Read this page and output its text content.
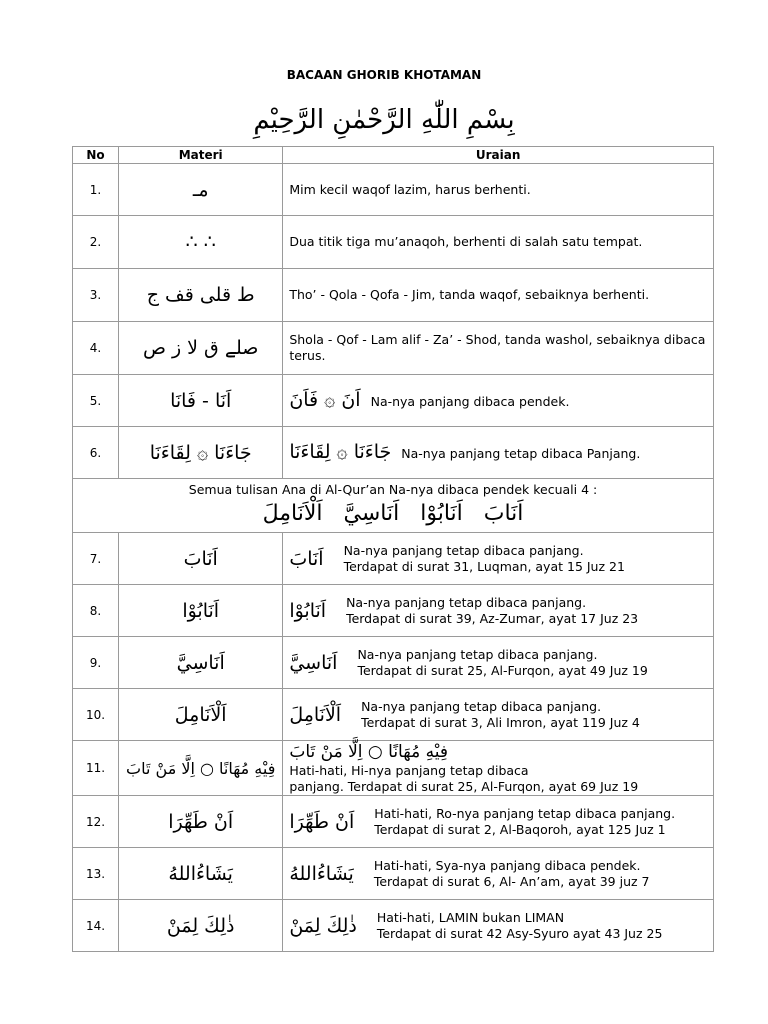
BACAAN GHORIB KHOTAMAN
بِسْمِ اللّٰهِ الرَّحْمٰنِ الرَّحِيْمِ
No	Materi	Uraian
1.	مـ	Mim kecil waqof lazim, harus berhenti.
2.	∴ ∴	Dua titik tiga mu’anaqoh, berhenti di salah satu tempat.
3.	ط قلى قف ج	Tho’ - Qola - Qofa - Jim, tanda waqof, sebaiknya berhenti.
4.	صلے ق لا ز ص	Shola - Qof - Lam alif - Za’ - Shod, tanda washol, sebaiknya dibaca terus.
5.	اَنَا - فَانَا	اَنَ ۞ فَاَنَ Na-nya panjang dibaca pendek.
6.	جَاءَنَا ۞ لِقَاءَنَا	جَاءَنَا ۞ لِقَاءَنَا Na-nya panjang tetap dibaca Panjang.

Semua tulisan Ana di Al-Qur’an Na-nya dibaca pendek kecuali 4 :
اَنَابَ اَنَابُوْا اَنَاسِيَّ اَلْاَنَامِلَ		

7.	اَنَابَ	اَنَابَ Na-nya panjang tetap dibaca panjang.
Terdapat di surat 31, Luqman, ayat 15 Juz 21

8.	اَنَابُوْا	اَنَابُوْا Na-nya panjang tetap dibaca panjang.
Terdapat di surat 39, Az-Zumar, ayat 17 Juz 23

9.	اَنَاسِيَّ	اَنَاسِيَّ Na-nya panjang tetap dibaca panjang.
Terdapat di surat 25, Al-Furqon, ayat 49 Juz 19

10.	اَلْاَنَامِلَ	اَلْاَنَامِلَ Na-nya panjang tetap dibaca panjang.
Terdapat di surat 3, Ali Imron, ayat 119 Juz 4

11.	فِيْهِ مُهَانًا ○ اِلَّا مَنْ تَابَ	فِيْهِ مُهَانًا ○ اِلَّا مَنْ تَابَ
Hati-hati, Hi-nya panjang tetap dibaca
panjang. Terdapat di surat 25, Al-Furqon, ayat 69 Juz 19
12.	اَنْ طَهِّرَا	اَنْ طَهِّرَا Hati-hati, Ro-nya panjang tetap dibaca panjang.
Terdapat di surat 2, Al-Baqoroh, ayat 125 Juz 1

13.	يَشَاءُاللهُ	يَشَاءُاللهُ Hati-hati, Sya-nya panjang dibaca pendek.
Terdapat di surat 6, Al- An’am, ayat 39 juz 7

14.	ذٰلِكَ لِمَنْ	ذٰلِكَ لِمَنْ Hati-hati, LAMIN bukan LIMAN
Terdapat di surat 42 Asy-Syuro ayat 43 Juz 25
